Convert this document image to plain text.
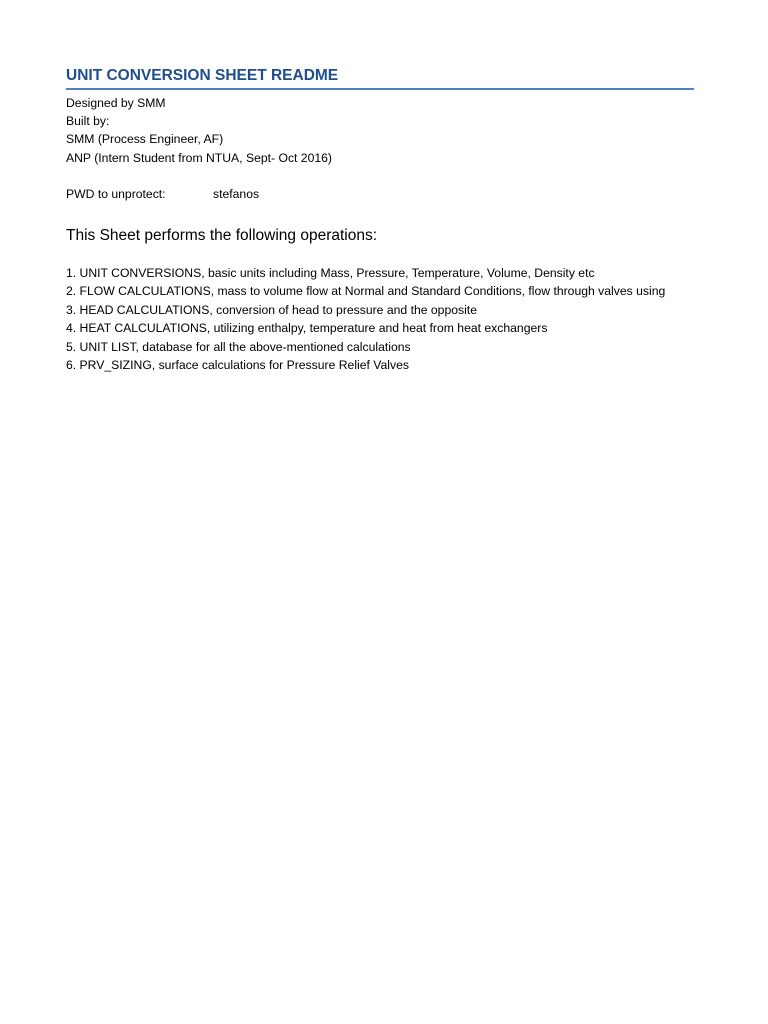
UNIT CONVERSION SHEET README
Designed by SMM
Built by:
SMM (Process Engineer, AF)
ANP (Intern Student from NTUA, Sept- Oct 2016)
PWD to unprotect:	stefanos
This Sheet performs the following operations:
1. UNIT CONVERSIONS, basic units including Mass, Pressure, Temperature, Volume, Density etc
2. FLOW CALCULATIONS, mass to volume flow at Normal and Standard Conditions, flow through valves using
3. HEAD CALCULATIONS, conversion of head to pressure and the opposite
4. HEAT CALCULATIONS, utilizing enthalpy, temperature and heat from heat exchangers
5. UNIT LIST, database for all the above-mentioned calculations
6. PRV_SIZING, surface calculations for Pressure Relief Valves
